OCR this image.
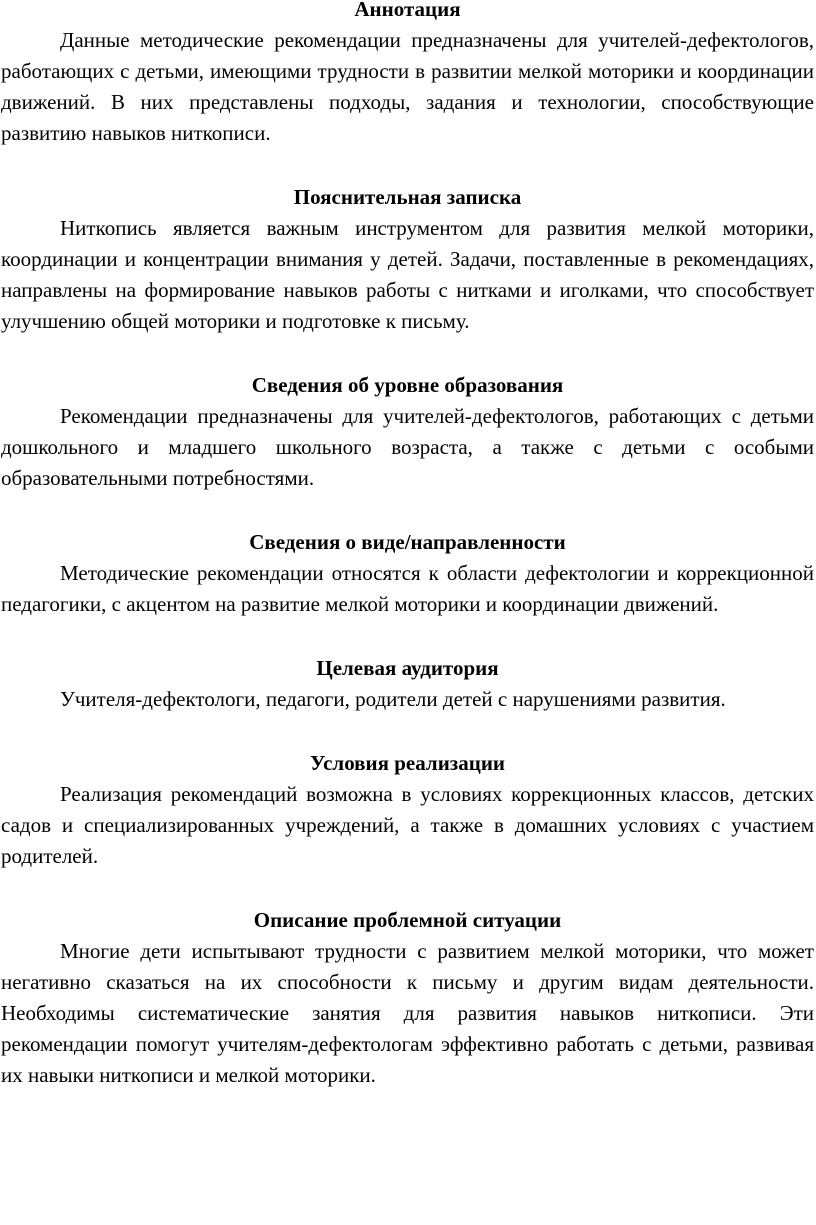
Аннотация

Данные методические рекомендации предназначены для учителей-дефектологов, работающих с детьми, имеющими трудности в развитии мелкой моторики и координации движений. В них представлены подходы, задания и технологии, способствующие развитию навыков ниткописи.

Пояснительная записка

Ниткопись является важным инструментом для развития мелкой моторики, координации и концентрации внимания у детей. Задачи, поставленные в рекомендациях, направлены на формирование навыков работы с нитками и иголками, что способствует улучшению общей моторики и подготовке к письму.

Сведения об уровне образования

Рекомендации предназначены для учителей-дефектологов, работающих с детьми дошкольного и младшего школьного возраста, а также с детьми с особыми образовательными потребностями.

Сведения о виде/направленности

Методические рекомендации относятся к области дефектологии и коррекционной педагогики, с акцентом на развитие мелкой моторики и координации движений.

Целевая аудитория

Учителя-дефектологи, педагоги, родители детей с нарушениями развития.

Условия реализации

Реализация рекомендаций возможна в условиях коррекционных классов, детских садов и специализированных учреждений, а также в домашних условиях с участием родителей.

Описание проблемной ситуации

Многие дети испытывают трудности с развитием мелкой моторики, что может негативно сказаться на их способности к письму и другим видам деятельности. Необходимы систематические занятия для развития навыков ниткописи. Эти рекомендации помогут учителям-дефектологам эффективно работать с детьми, развивая их навыки ниткописи и мелкой моторики.
